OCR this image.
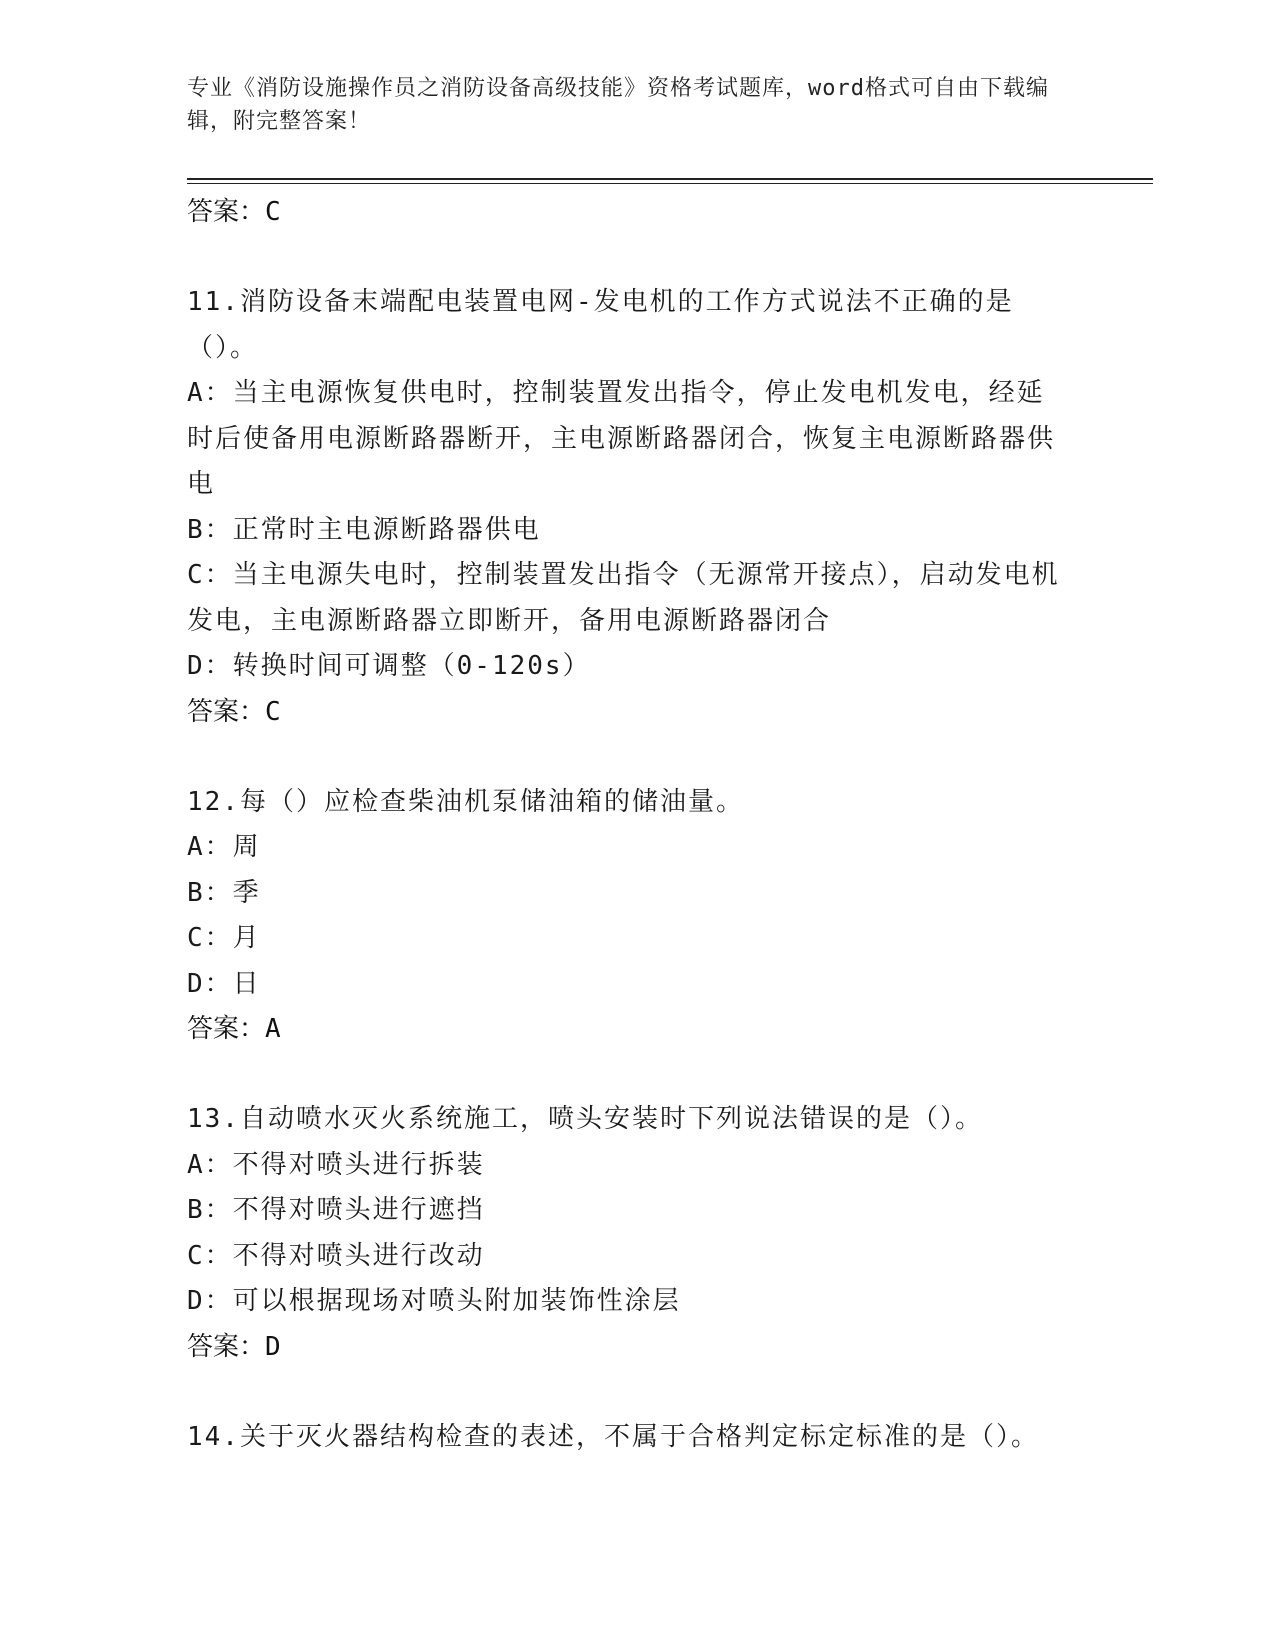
专业《消防设施操作员之消防设备高级技能》资格考试题库，word格式可自由下载编辑，附完整答案！
答案：C
11.消防设备末端配电装置电网-发电机的工作方式说法不正确的是（）。
A：当主电源恢复供电时，控制装置发出指令，停止发电机发电，经延时后使备用电源断路器断开，主电源断路器闭合，恢复主电源断路器供电
B：正常时主电源断路器供电
C：当主电源失电时，控制装置发出指令（无源常开接点），启动发电机发电，主电源断路器立即断开，备用电源断路器闭合
D：转换时间可调整（0-120s）
答案：C
12.每（）应检查柴油机泵储油箱的储油量。
A：周
B：季
C：月
D：日
答案：A
13.自动喷水灭火系统施工，喷头安装时下列说法错误的是（）。
A：不得对喷头进行拆装
B：不得对喷头进行遮挡
C：不得对喷头进行改动
D：可以根据现场对喷头附加装饰性涂层
答案：D
14.关于灭火器结构检查的表述，不属于合格判定标定标准的是（）。
